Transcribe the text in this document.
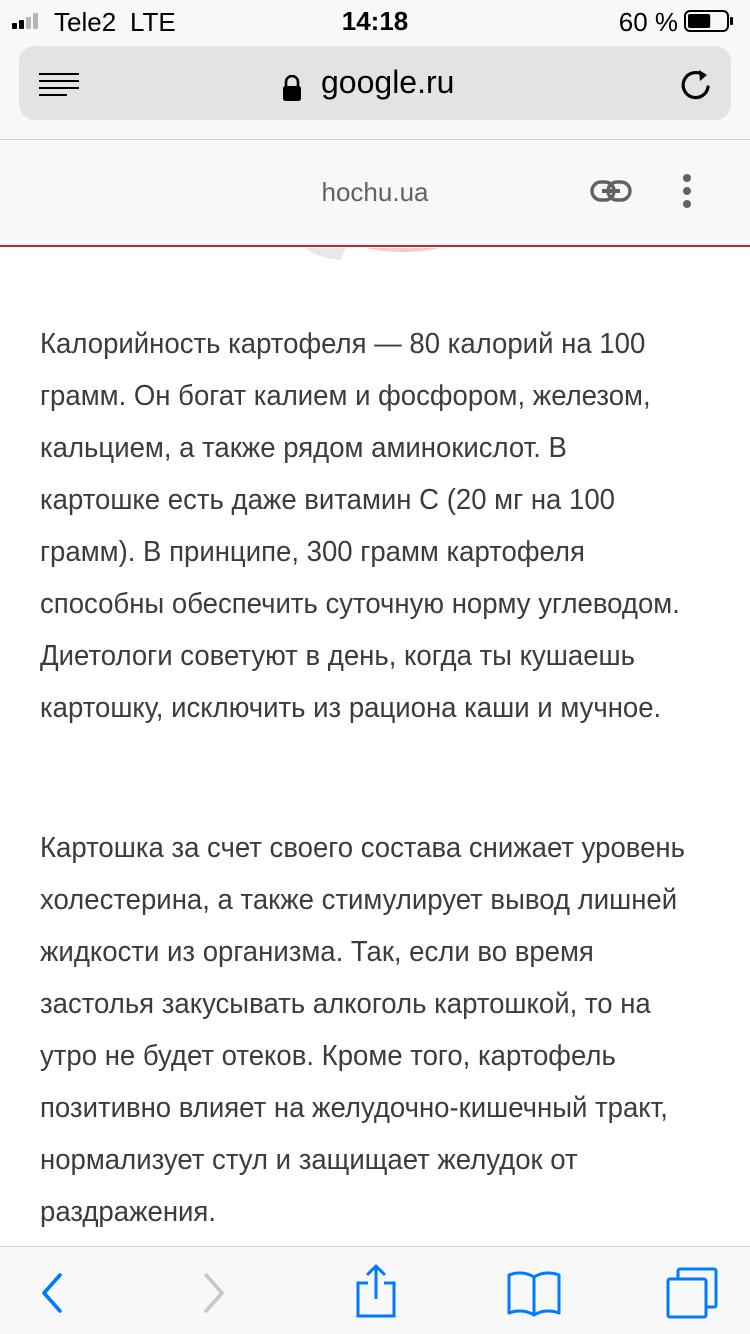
Tele2 LTE	14:18	60 %
google.ru
hochu.ua

Калорийность картофеля — 80 калорий на 100 грамм. Он богат калием и фосфором, железом, кальцием, а также рядом аминокислот. В картошке есть даже витамин С (20 мг на 100 грамм). В принципе, 300 грамм картофеля способны обеспечить суточную норму углеводом. Диетологи советуют в день, когда ты кушаешь картошку, исключить из рациона каши и мучное.

Картошка за счет своего состава снижает уровень холестерина, а также стимулирует вывод лишней жидкости из организма. Так, если во время застолья закусывать алкоголь картошкой, то на утро не будет отеков. Кроме того, картофель позитивно влияет на желудочно-кишечный тракт, нормализует стул и защищает желудок от раздражения.
